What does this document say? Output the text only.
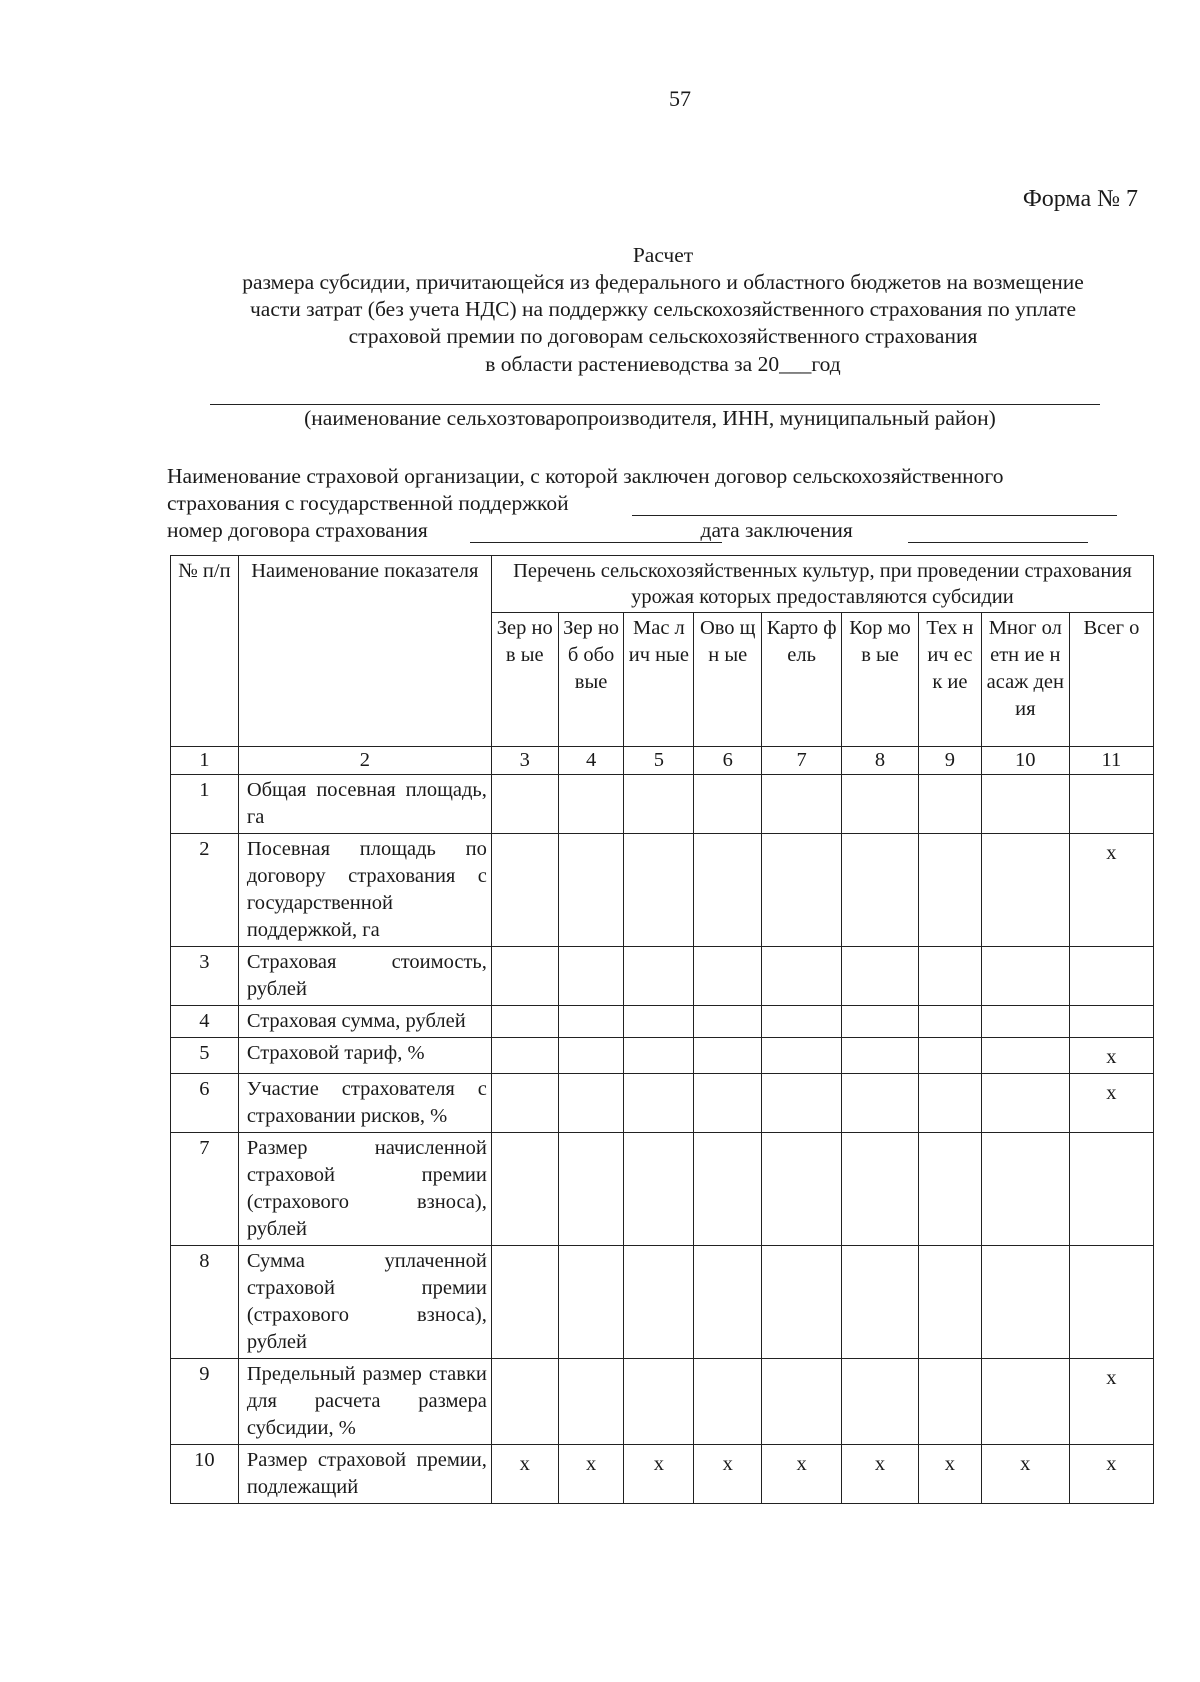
57
Форма № 7
Расчет
размера субсидии, причитающейся из федерального и областного бюджетов на возмещение
части затрат (без учета НДС) на поддержку сельскохозяйственного страхования по уплате
страховой премии по договорам сельскохозяйственного страхования
в области растениеводства за 20___год
(наименование сельхозтоваропроизводителя, ИНН, муниципальный район)
Наименование страховой организации, с которой заключен договор сельскохозяйственного
страхования с государственной поддержкой
номер договора страхования	дата заключения
№ п/п	Наименование показателя	Перечень сельскохозяйственных культур, при проведении страхования урожая которых предоставляются субсидии								
		Зер нов ые	Зер ноб обо вые	Мас лич ные	Ово щн ые	Карто фель	Кор мов ые	Тех нич еск ие	Мног олетн ие насаж дения	Всег о
1	2	3	4	5	6	7	8	9	10	11
1	Общая посевная площадь, га									
2	Посевная площадь по договору страхования с государственной поддержкой, га									x
3	Страховая стоимость, рублей									
4	Страховая сумма, рублей									
5	Страховой тариф, %									x
6	Участие страхователя с страховании рисков, %									x
7	Размер начисленной страховой премии (страхового взноса), рублей									
8	Сумма уплаченной страховой премии (страхового взноса), рублей									
9	Предельный размер ставки для расчета размера субсидии, %									x
10	Размер страховой премии, подлежащий	x	x	x	x	x	x	x	x	x
